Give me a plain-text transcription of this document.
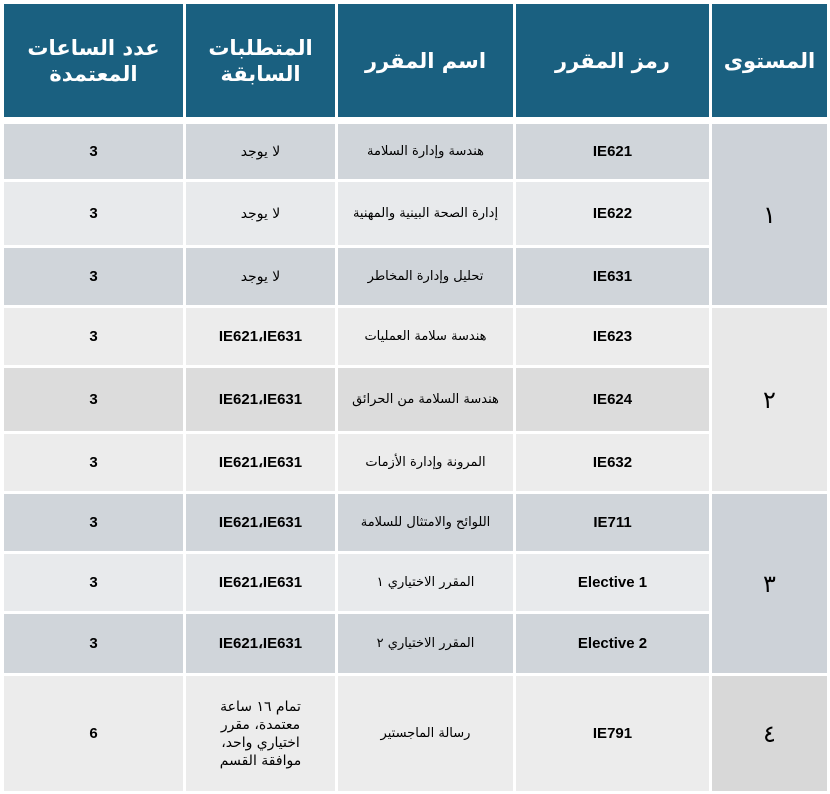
المستوى	رمز المقرر	اسم المقرر	المتطلبات السابقة	عدد الساعات المعتمدة

١	IE621	هندسة وإدارة السلامة	لا يوجد	3
	IE622	إدارة الصحة البينية والمهنية	لا يوجد	3
	IE631	تحليل وإدارة المخاطر	لا يوجد	3
٢	IE623	هندسة سلامة العمليات	IE621،IE631	3
	IE624	هندسة السلامة من الحرائق	IE621،IE631	3
	IE632	المرونة وإدارة الأزمات	IE621،IE631	3
٣	IE711	اللوائح والامتثال للسلامة	IE621،IE631	3
	Elective 1	المقرر الاختياري ١	IE621،IE631	3
	Elective 2	المقرر الاختياري ٢	IE621،IE631	3
٤	IE791	رسالة الماجستير	تمام ١٦ ساعة معتمدة، مقرر اختياري واحد، موافقة القسم	6
